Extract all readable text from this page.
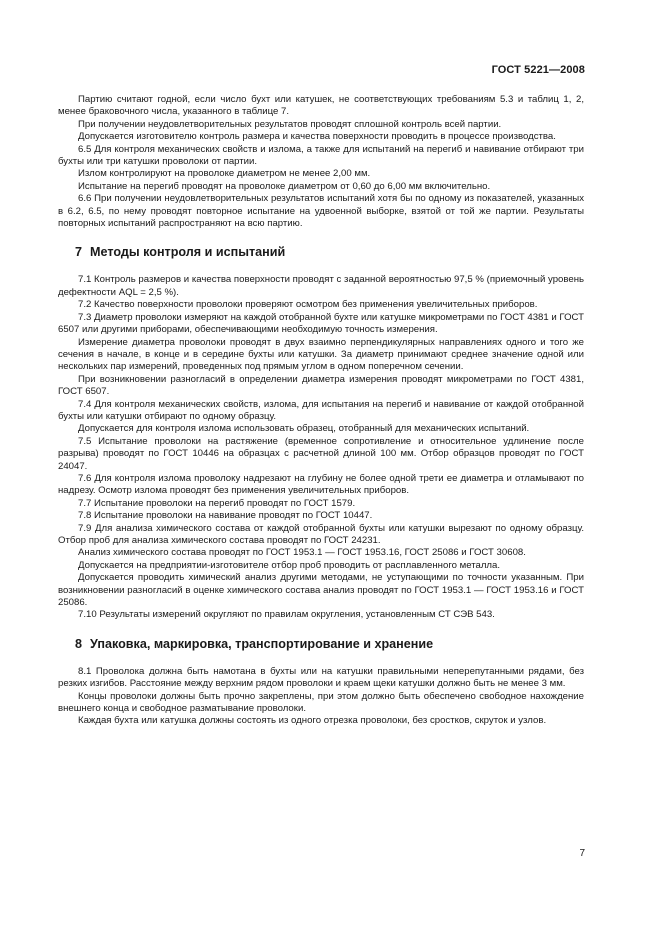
ГОСТ 5221—2008

Партию считают годной, если число бухт или катушек, не соответствующих требованиям 5.3 и таблиц 1, 2, менее браковочного числа, указанного в таблице 7.

При получении неудовлетворительных результатов проводят сплошной контроль всей партии.

Допускается изготовителю контроль размера и качества поверхности проводить в процессе производства.

6.5 Для контроля механических свойств и излома, а также для испытаний на перегиб и навивание отбирают три бухты или три катушки проволоки от партии.

Излом контролируют на проволоке диаметром не менее 2,00 мм.

Испытание на перегиб проводят на проволоке диаметром от 0,60 до 6,00 мм включительно.

6.6 При получении неудовлетворительных результатов испытаний хотя бы по одному из показателей, указанных в 6.2, 6.5, по нему проводят повторное испытание на удвоенной выборке, взятой от той же партии. Результаты повторных испытаний распространяют на всю партию.

7 Методы контроля и испытаний

7.1 Контроль размеров и качества поверхности проводят с заданной вероятностью 97,5 % (приемочный уровень дефектности AQL = 2,5 %).

7.2 Качество поверхности проволоки проверяют осмотром без применения увеличительных приборов.

7.3 Диаметр проволоки измеряют на каждой отобранной бухте или катушке микрометрами по ГОСТ 4381 и ГОСТ 6507 или другими приборами, обеспечивающими необходимую точность измерения.

Измерение диаметра проволоки проводят в двух взаимно перпендикулярных направлениях одного и того же сечения в начале, в конце и в середине бухты или катушки. За диаметр принимают среднее значение одной или нескольких пар измерений, проведенных под прямым углом в одном поперечном сечении.

При возникновении разногласий в определении диаметра измерения проводят микрометрами по ГОСТ 4381, ГОСТ 6507.

7.4 Для контроля механических свойств, излома, для испытания на перегиб и навивание от каждой отобранной бухты или катушки отбирают по одному образцу.

Допускается для контроля излома использовать образец, отобранный для механических испытаний.

7.5 Испытание проволоки на растяжение (временное сопротивление и относительное удлинение после разрыва) проводят по ГОСТ 10446 на образцах с расчетной длиной 100 мм. Отбор образцов проводят по ГОСТ 24047.

7.6 Для контроля излома проволоку надрезают на глубину не более одной трети ее диаметра и отламывают по надрезу. Осмотр излома проводят без применения увеличительных приборов.

7.7 Испытание проволоки на перегиб проводят по ГОСТ 1579.

7.8 Испытание проволоки на навивание проводят по ГОСТ 10447.

7.9 Для анализа химического состава от каждой отобранной бухты или катушки вырезают по одному образцу. Отбор проб для анализа химического состава проводят по ГОСТ 24231.

Анализ химического состава проводят по ГОСТ 1953.1 — ГОСТ 1953.16, ГОСТ 25086 и ГОСТ 30608.

Допускается на предприятии-изготовителе отбор проб проводить от расплавленного металла.

Допускается проводить химический анализ другими методами, не уступающими по точности указанным. При возникновении разногласий в оценке химического состава анализ проводят по ГОСТ 1953.1 — ГОСТ 1953.16 и ГОСТ 25086.

7.10 Результаты измерений округляют по правилам округления, установленным СТ СЭВ 543.

8 Упаковка, маркировка, транспортирование и хранение

8.1 Проволока должна быть намотана в бухты или на катушки правильными неперепутанными рядами, без резких изгибов. Расстояние между верхним рядом проволоки и краем щеки катушки должно быть не менее 3 мм.

Концы проволоки должны быть прочно закреплены, при этом должно быть обеспечено свободное нахождение внешнего конца и свободное разматывание проволоки.

Каждая бухта или катушка должны состоять из одного отрезка проволоки, без сростков, скруток и узлов.

7
